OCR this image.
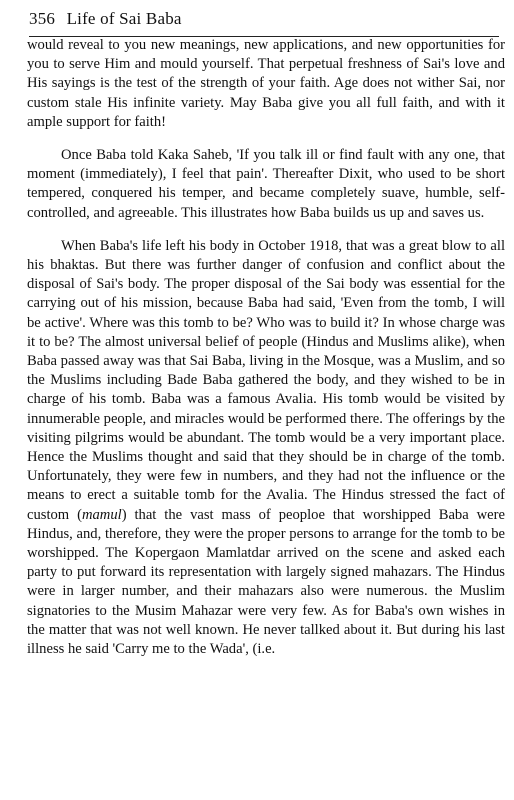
356 Life of Sai Baba

would reveal to you new meanings, new applications, and new opportunities for you to serve Him and mould yourself. That perpetual freshness of Sai's love and His sayings is the test of the strength of your faith. Age does not wither Sai, nor custom stale His infinite variety. May Baba give you all full faith, and with it ample support for faith!

Once Baba told Kaka Saheb, 'If you talk ill or find fault with any one, that moment (immediately), I feel that pain'. Thereafter Dixit, who used to be short tempered, conquered his temper, and became completely suave, humble, self-controlled, and agreeable. This illustrates how Baba builds us up and saves us.

When Baba's life left his body in October 1918, that was a great blow to all his bhaktas. But there was further danger of confusion and conflict about the disposal of Sai's body. The proper disposal of the Sai body was essential for the carrying out of his mission, because Baba had said, 'Even from the tomb, I will be active'. Where was this tomb to be? Who was to build it? In whose charge was it to be? The almost universal belief of people (Hindus and Muslims alike), when Baba passed away was that Sai Baba, living in the Mosque, was a Muslim, and so the Muslims including Bade Baba gathered the body, and they wished to be in charge of his tomb. Baba was a famous Avalia. His tomb would be visited by innumerable people, and miracles would be performed there. The offerings by the visiting pilgrims would be abundant. The tomb would be a very important place. Hence the Muslims thought and said that they should be in charge of the tomb. Unfortunately, they were few in numbers, and they had not the influence or the means to erect a suitable tomb for the Avalia. The Hindus stressed the fact of custom (mamul) that the vast mass of peoploe that worshipped Baba were Hindus, and, therefore, they were the proper persons to arrange for the tomb to be worshipped. The Kopergaon Mamlatdar arrived on the scene and asked each party to put forward its representation with largely signed mahazars. The Hindus were in larger number, and their mahazars also were numerous. the Muslim signatories to the Musim Mahazar were very few. As for Baba's own wishes in the matter that was not well known. He never tallked about it. But during his last illness he said 'Carry me to the Wada', (i.e.
